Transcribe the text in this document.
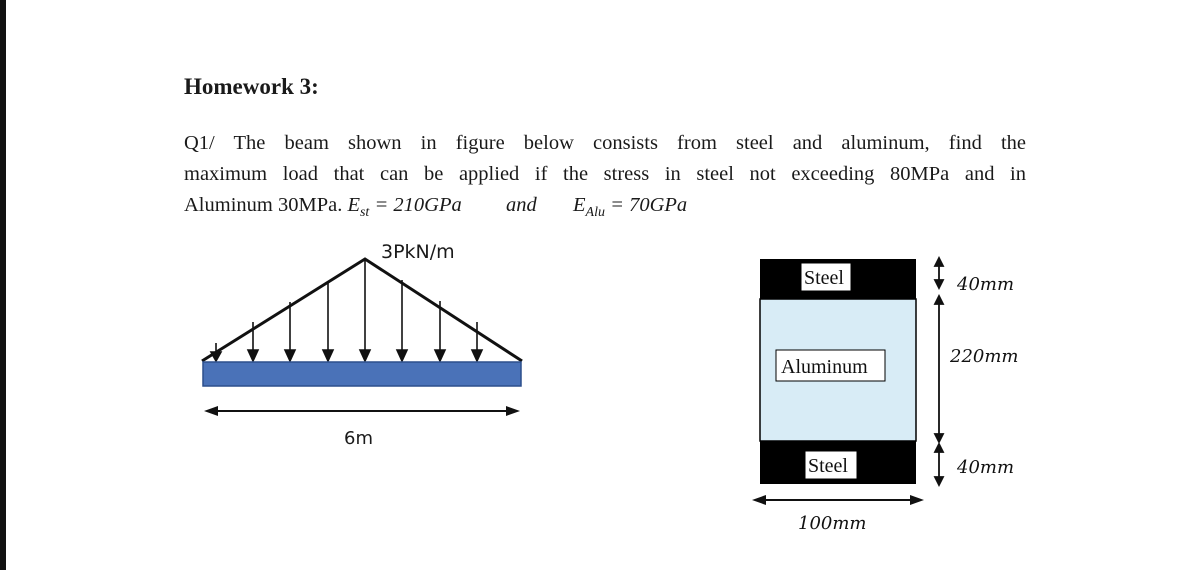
Homework 3:
Q1/ The beam shown in figure below consists from steel and aluminum, find the
maximum load that can be applied if the stress in steel not exceeding 80MPa and in
Aluminum 30MPa. $E_{st} = 210GPa$ and $E_{Alu} = 70GPa$
3PkN/m
6m
Steel
Aluminum
Steel
40mm
220mm
40mm
100mm
